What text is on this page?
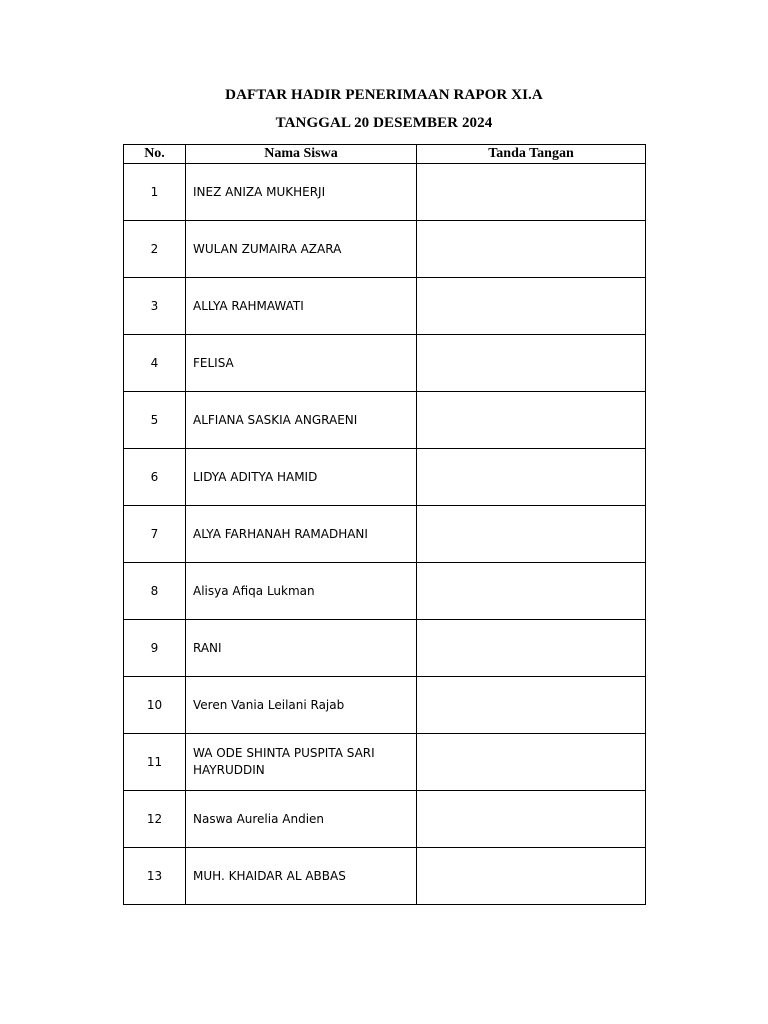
DAFTAR HADIR PENERIMAAN RAPOR XI.A
TANGGAL 20 DESEMBER 2024
No.	Nama Siswa	Tanda Tangan
1	INEZ ANIZA MUKHERJI	
2	WULAN ZUMAIRA AZARA	
3	ALLYA RAHMAWATI	
4	FELISA	
5	ALFIANA SASKIA ANGRAENI	
6	LIDYA ADITYA HAMID	
7	ALYA FARHANAH RAMADHANI	
8	Alisya Afiqa Lukman	
9	RANI	
10	Veren Vania Leilani Rajab	
11	WA ODE SHINTA PUSPITA SARI HAYRUDDIN	
12	Naswa Aurelia Andien	
13	MUH. KHAIDAR AL ABBAS	
